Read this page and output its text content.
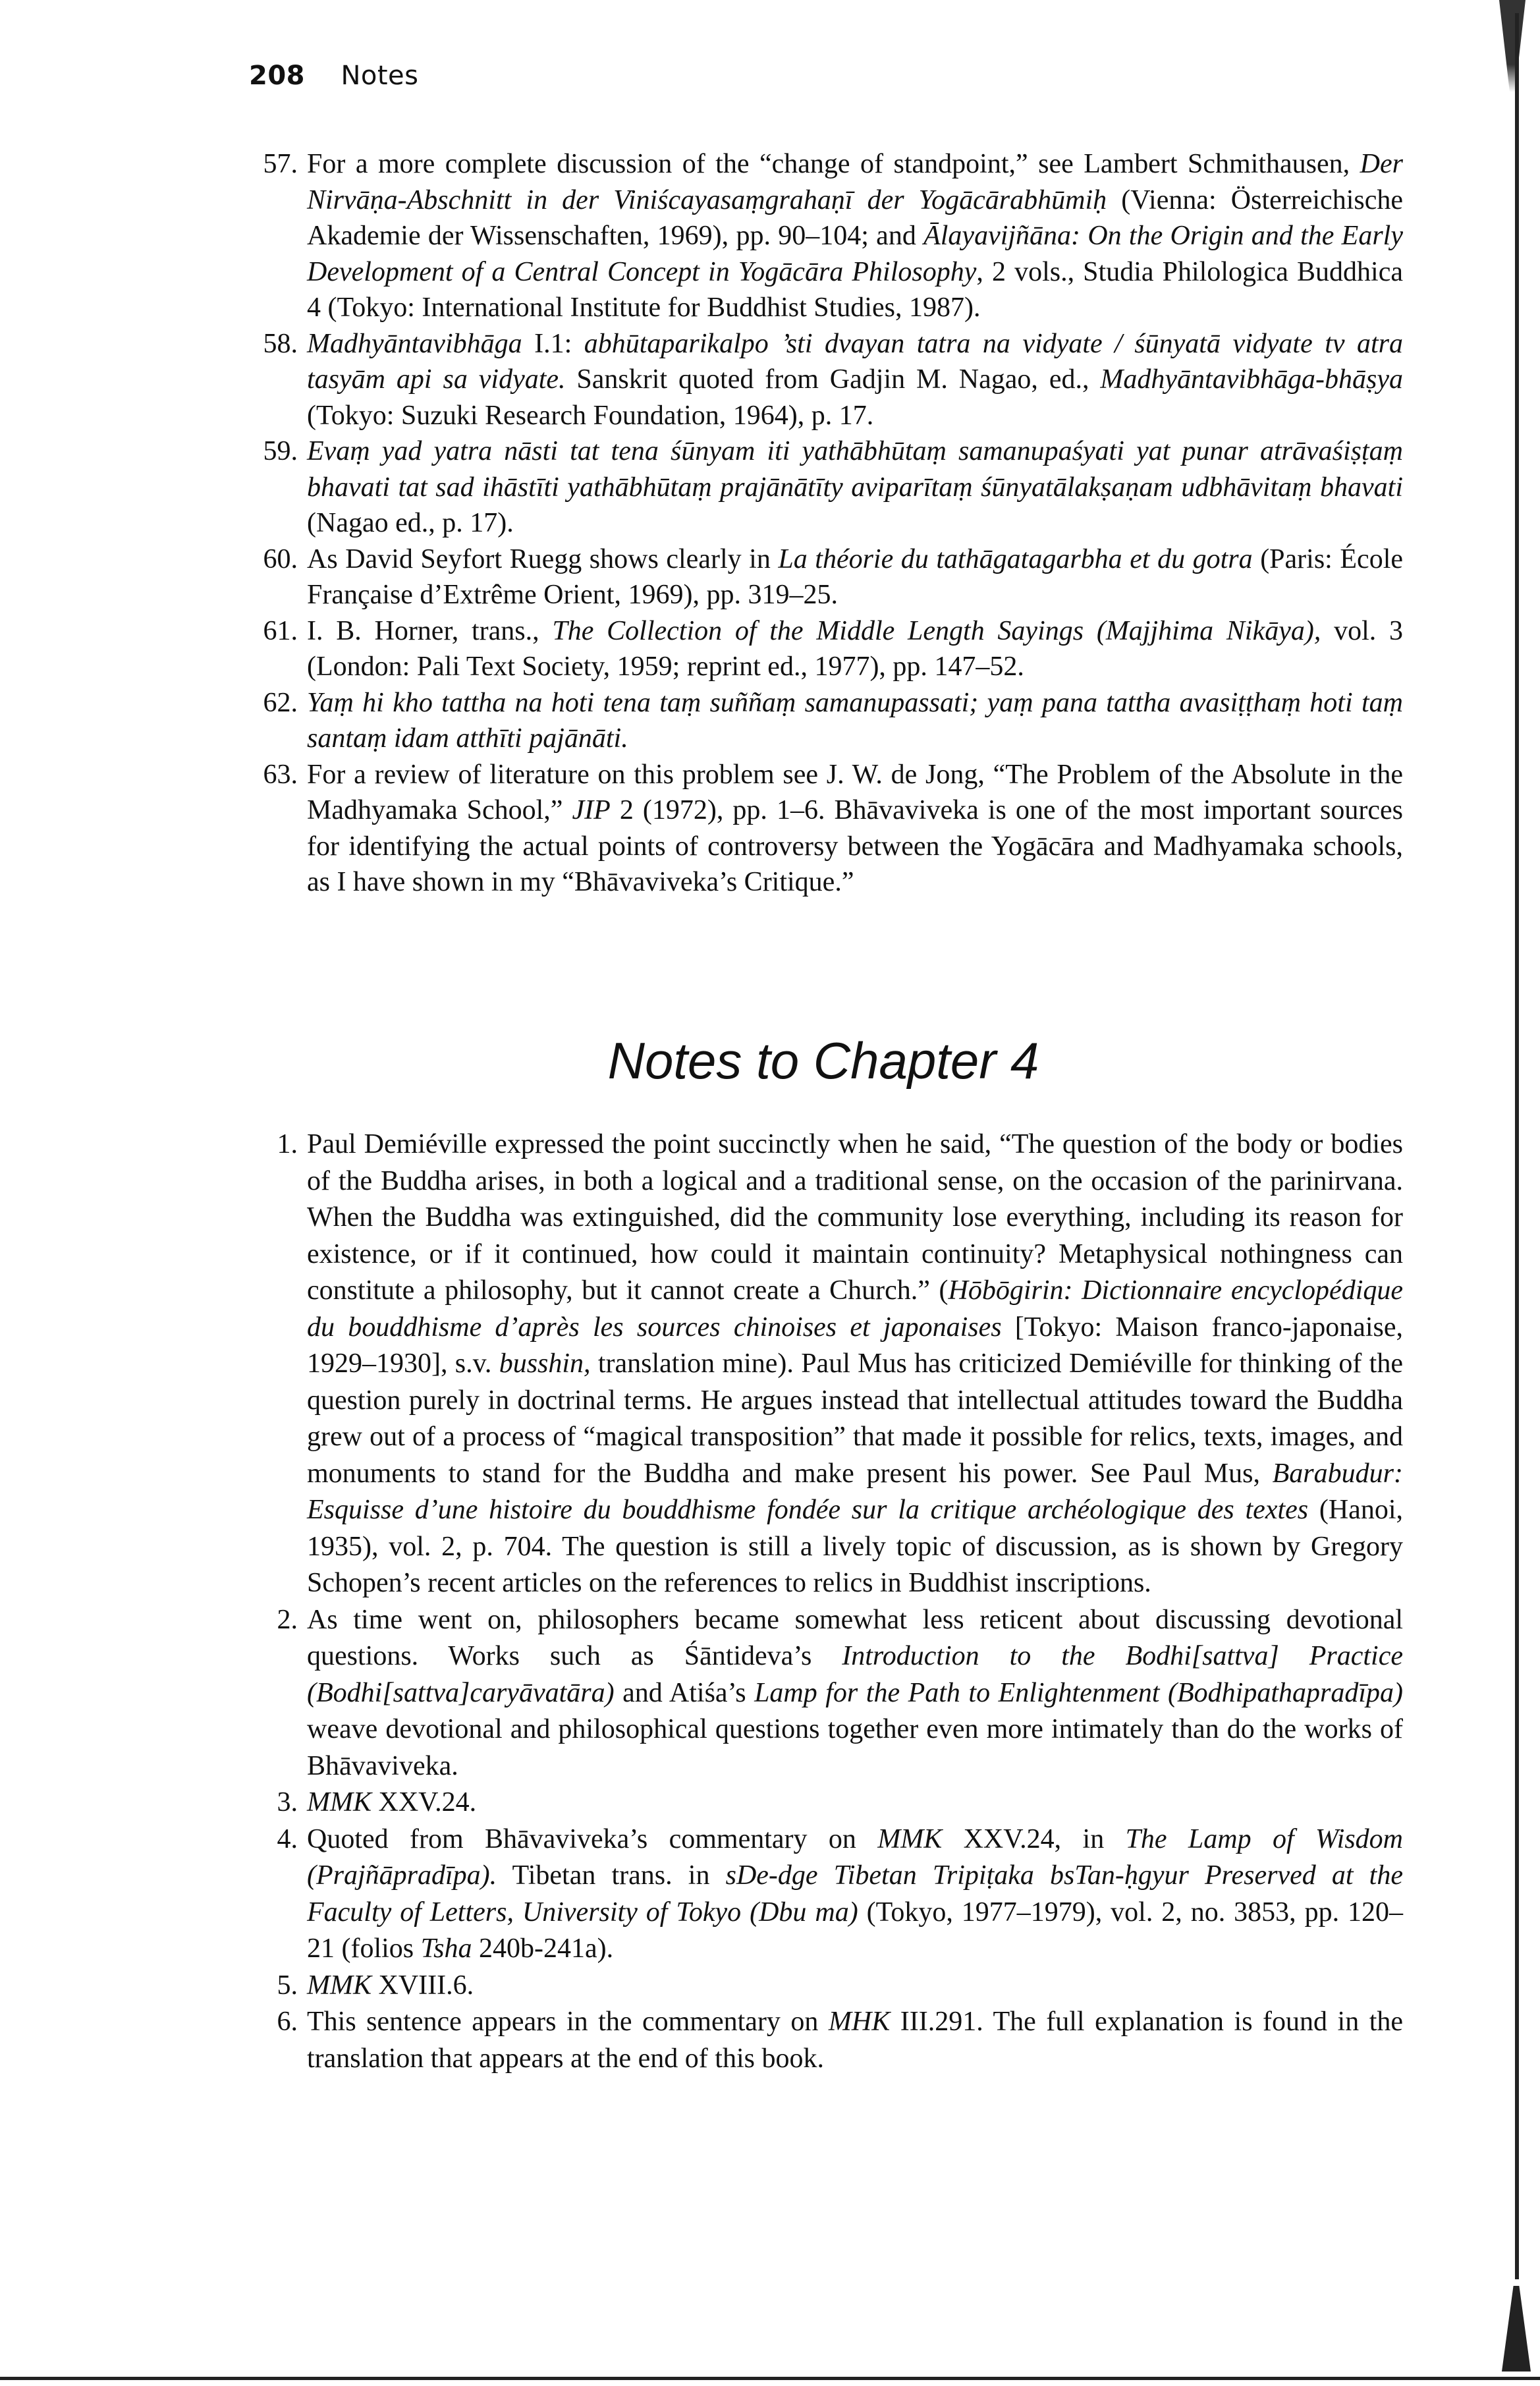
208 Notes
57. For a more complete discussion of the “change of standpoint,” see Lambert Schmithausen, Der Nirvāṇa-Abschnitt in der Viniścayasaṃgrahaṇī der Yogācārabhūmiḥ (Vienna: Österreichische Akademie der Wissenschaften, 1969), pp. 90–104; and Ālayavijñāna: On the Origin and the Early Development of a Central Concept in Yogācāra Philosophy, 2 vols., Studia Philologica Buddhica 4 (Tokyo: International Institute for Buddhist Studies, 1987).
58. Madhyāntavibhāga I.1: abhūtaparikalpo ’sti dvayan tatra na vidyate / śūnyatā vidyate tv atra tasyām api sa vidyate. Sanskrit quoted from Gadjin M. Nagao, ed., Madhyāntavibhāga-bhāṣya (Tokyo: Suzuki Research Foundation, 1964), p. 17.
59. Evaṃ yad yatra nāsti tat tena śūnyam iti yathābhūtaṃ samanupaśyati yat punar atrāvaśiṣṭaṃ bhavati tat sad ihāstīti yathābhūtaṃ prajānātīty aviparītaṃ śūnyatālakṣaṇam udbhāvitaṃ bhavati (Nagao ed., p. 17).
60. As David Seyfort Ruegg shows clearly in La théorie du tathāgatagarbha et du gotra (Paris: École Française d’Extrême Orient, 1969), pp. 319–25.
61. I. B. Horner, trans., The Collection of the Middle Length Sayings (Majjhima Nikāya), vol. 3 (London: Pali Text Society, 1959; reprint ed., 1977), pp. 147–52.
62. Yaṃ hi kho tattha na hoti tena taṃ suññaṃ samanupassati; yaṃ pana tattha avasiṭṭhaṃ hoti taṃ santaṃ idam atthīti pajānāti.
63. For a review of literature on this problem see J. W. de Jong, “The Problem of the Absolute in the Madhyamaka School,” JIP 2 (1972), pp. 1–6. Bhāvaviveka is one of the most important sources for identifying the actual points of controversy between the Yogācāra and Madhyamaka schools, as I have shown in my “Bhāvaviveka’s Critique.”
Notes to Chapter 4
1. Paul Demiéville expressed the point succinctly when he said, “The question of the body or bodies of the Buddha arises, in both a logical and a traditional sense, on the occasion of the parinirvana. When the Buddha was extinguished, did the community lose everything, including its reason for existence, or if it continued, how could it maintain continuity? Metaphysical nothingness can constitute a philosophy, but it cannot create a Church.” (Hōbōgirin: Dictionnaire encyclopédique du bouddhisme d’après les sources chinoises et japonaises [Tokyo: Maison franco-japonaise, 1929–1930], s.v. busshin, translation mine). Paul Mus has criticized Demiéville for thinking of the question purely in doctrinal terms. He argues instead that intellectual attitudes toward the Buddha grew out of a process of “magical transposition” that made it possible for relics, texts, images, and monuments to stand for the Buddha and make present his power. See Paul Mus, Barabudur: Esquisse d’une histoire du bouddhisme fondée sur la critique archéologique des textes (Hanoi, 1935), vol. 2, p. 704. The question is still a lively topic of discussion, as is shown by Gregory Schopen’s recent articles on the references to relics in Buddhist inscriptions.
2. As time went on, philosophers became somewhat less reticent about discussing devotional questions. Works such as Śāntideva’s Introduction to the Bodhi[sattva] Practice (Bodhi[sattva]caryāvatāra) and Atiśa’s Lamp for the Path to Enlightenment (Bodhipathapradīpa) weave devotional and philosophical questions together even more intimately than do the works of Bhāvaviveka.
3. MMK XXV.24.
4. Quoted from Bhāvaviveka’s commentary on MMK XXV.24, in The Lamp of Wisdom (Prajñāpradīpa). Tibetan trans. in sDe-dge Tibetan Tripiṭaka bsTan-ḥgyur Preserved at the Faculty of Letters, University of Tokyo (Dbu ma) (Tokyo, 1977–1979), vol. 2, no. 3853, pp. 120–21 (folios Tsha 240b-241a).
5. MMK XVIII.6.
6. This sentence appears in the commentary on MHK III.291. The full explanation is found in the translation that appears at the end of this book.
